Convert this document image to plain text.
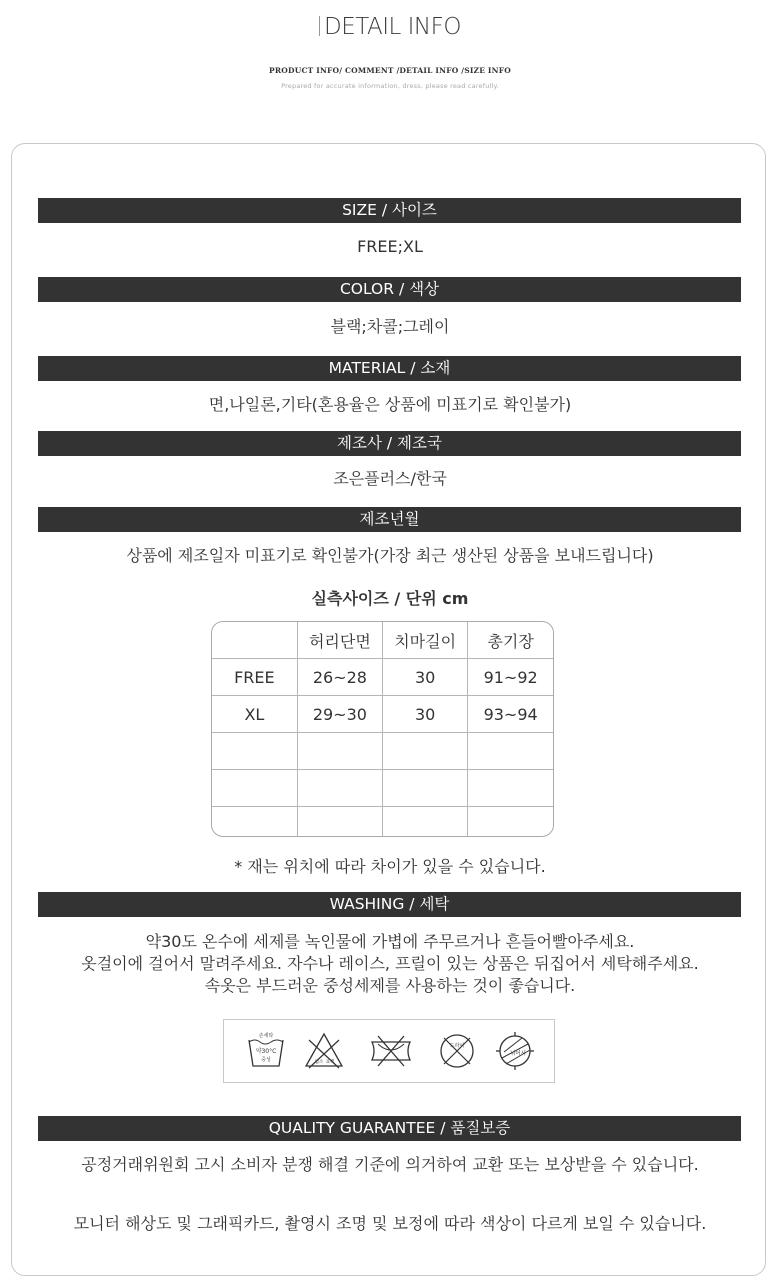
DETAIL INFO
PRODUCT INFO/ COMMENT /DETAIL INFO /SIZE INFO
Prepared for accurate information, dress, please read carefully.
SIZE / 사이즈
FREE;XL
COLOR / 색상
블랙;차콜;그레이
MATERIAL / 소재
면,나일론,기타(혼용율은 상품에 미표기로 확인불가)
제조사 / 제조국
조은플러스/한국
제조년월
상품에 제조일자 미표기로 확인불가(가장 최근 생산된 상품을 보내드립니다)
실측사이즈 / 단위 cm
	허리단면	치마길이	총기장
FREE	26~28	30	91~92
XL	29~30	30	93~94

* 재는 위치에 따라 차이가 있을 수 있습니다.
WASHING / 세탁
약30도 온수에 세제를 녹인물에 가볍에 주무르거나 흔들어빨아주세요.
옷걸이에 걸어서 말려주세요. 자수나 레이스, 프릴이 있는 상품은 뒤집어서 세탁해주세요.
속옷은 부드러운 중성세제를 사용하는 것이 좋습니다.
손세탁
약30°C
중성	염소 표백
드라이
뉘어서
QUALITY GUARANTEE / 품질보증
공정거래위원회 고시 소비자 분쟁 해결 기준에 의거하여 교환 또는 보상받을 수 있습니다.
모니터 해상도 및 그래픽카드, 촬영시 조명 및 보정에 따라 색상이 다르게 보일 수 있습니다.
